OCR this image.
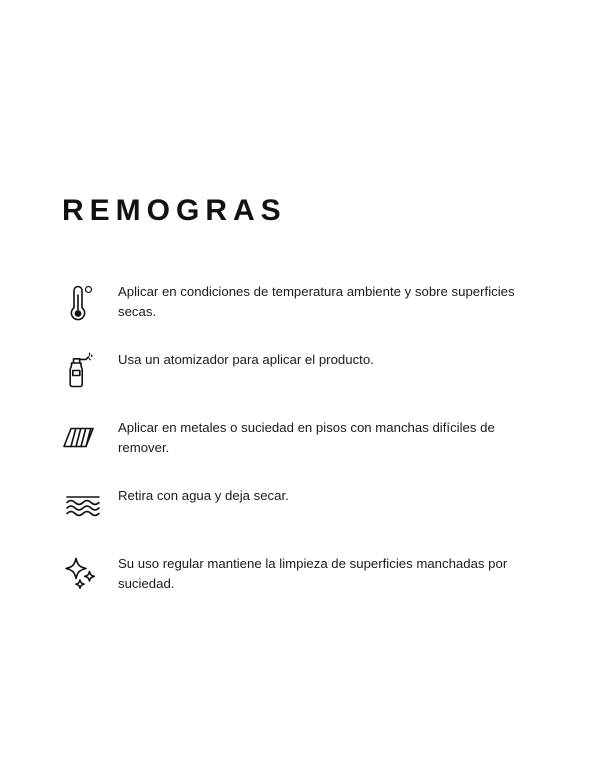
REMOGRAS
Aplicar en condiciones de temperatura ambiente y sobre superficies secas.
Usa un atomizador para aplicar el producto.
Aplicar en metales o suciedad en pisos con manchas difíciles de remover.
Retira con agua y deja secar.
Su uso regular mantiene la limpieza de superficies manchadas por suciedad.
